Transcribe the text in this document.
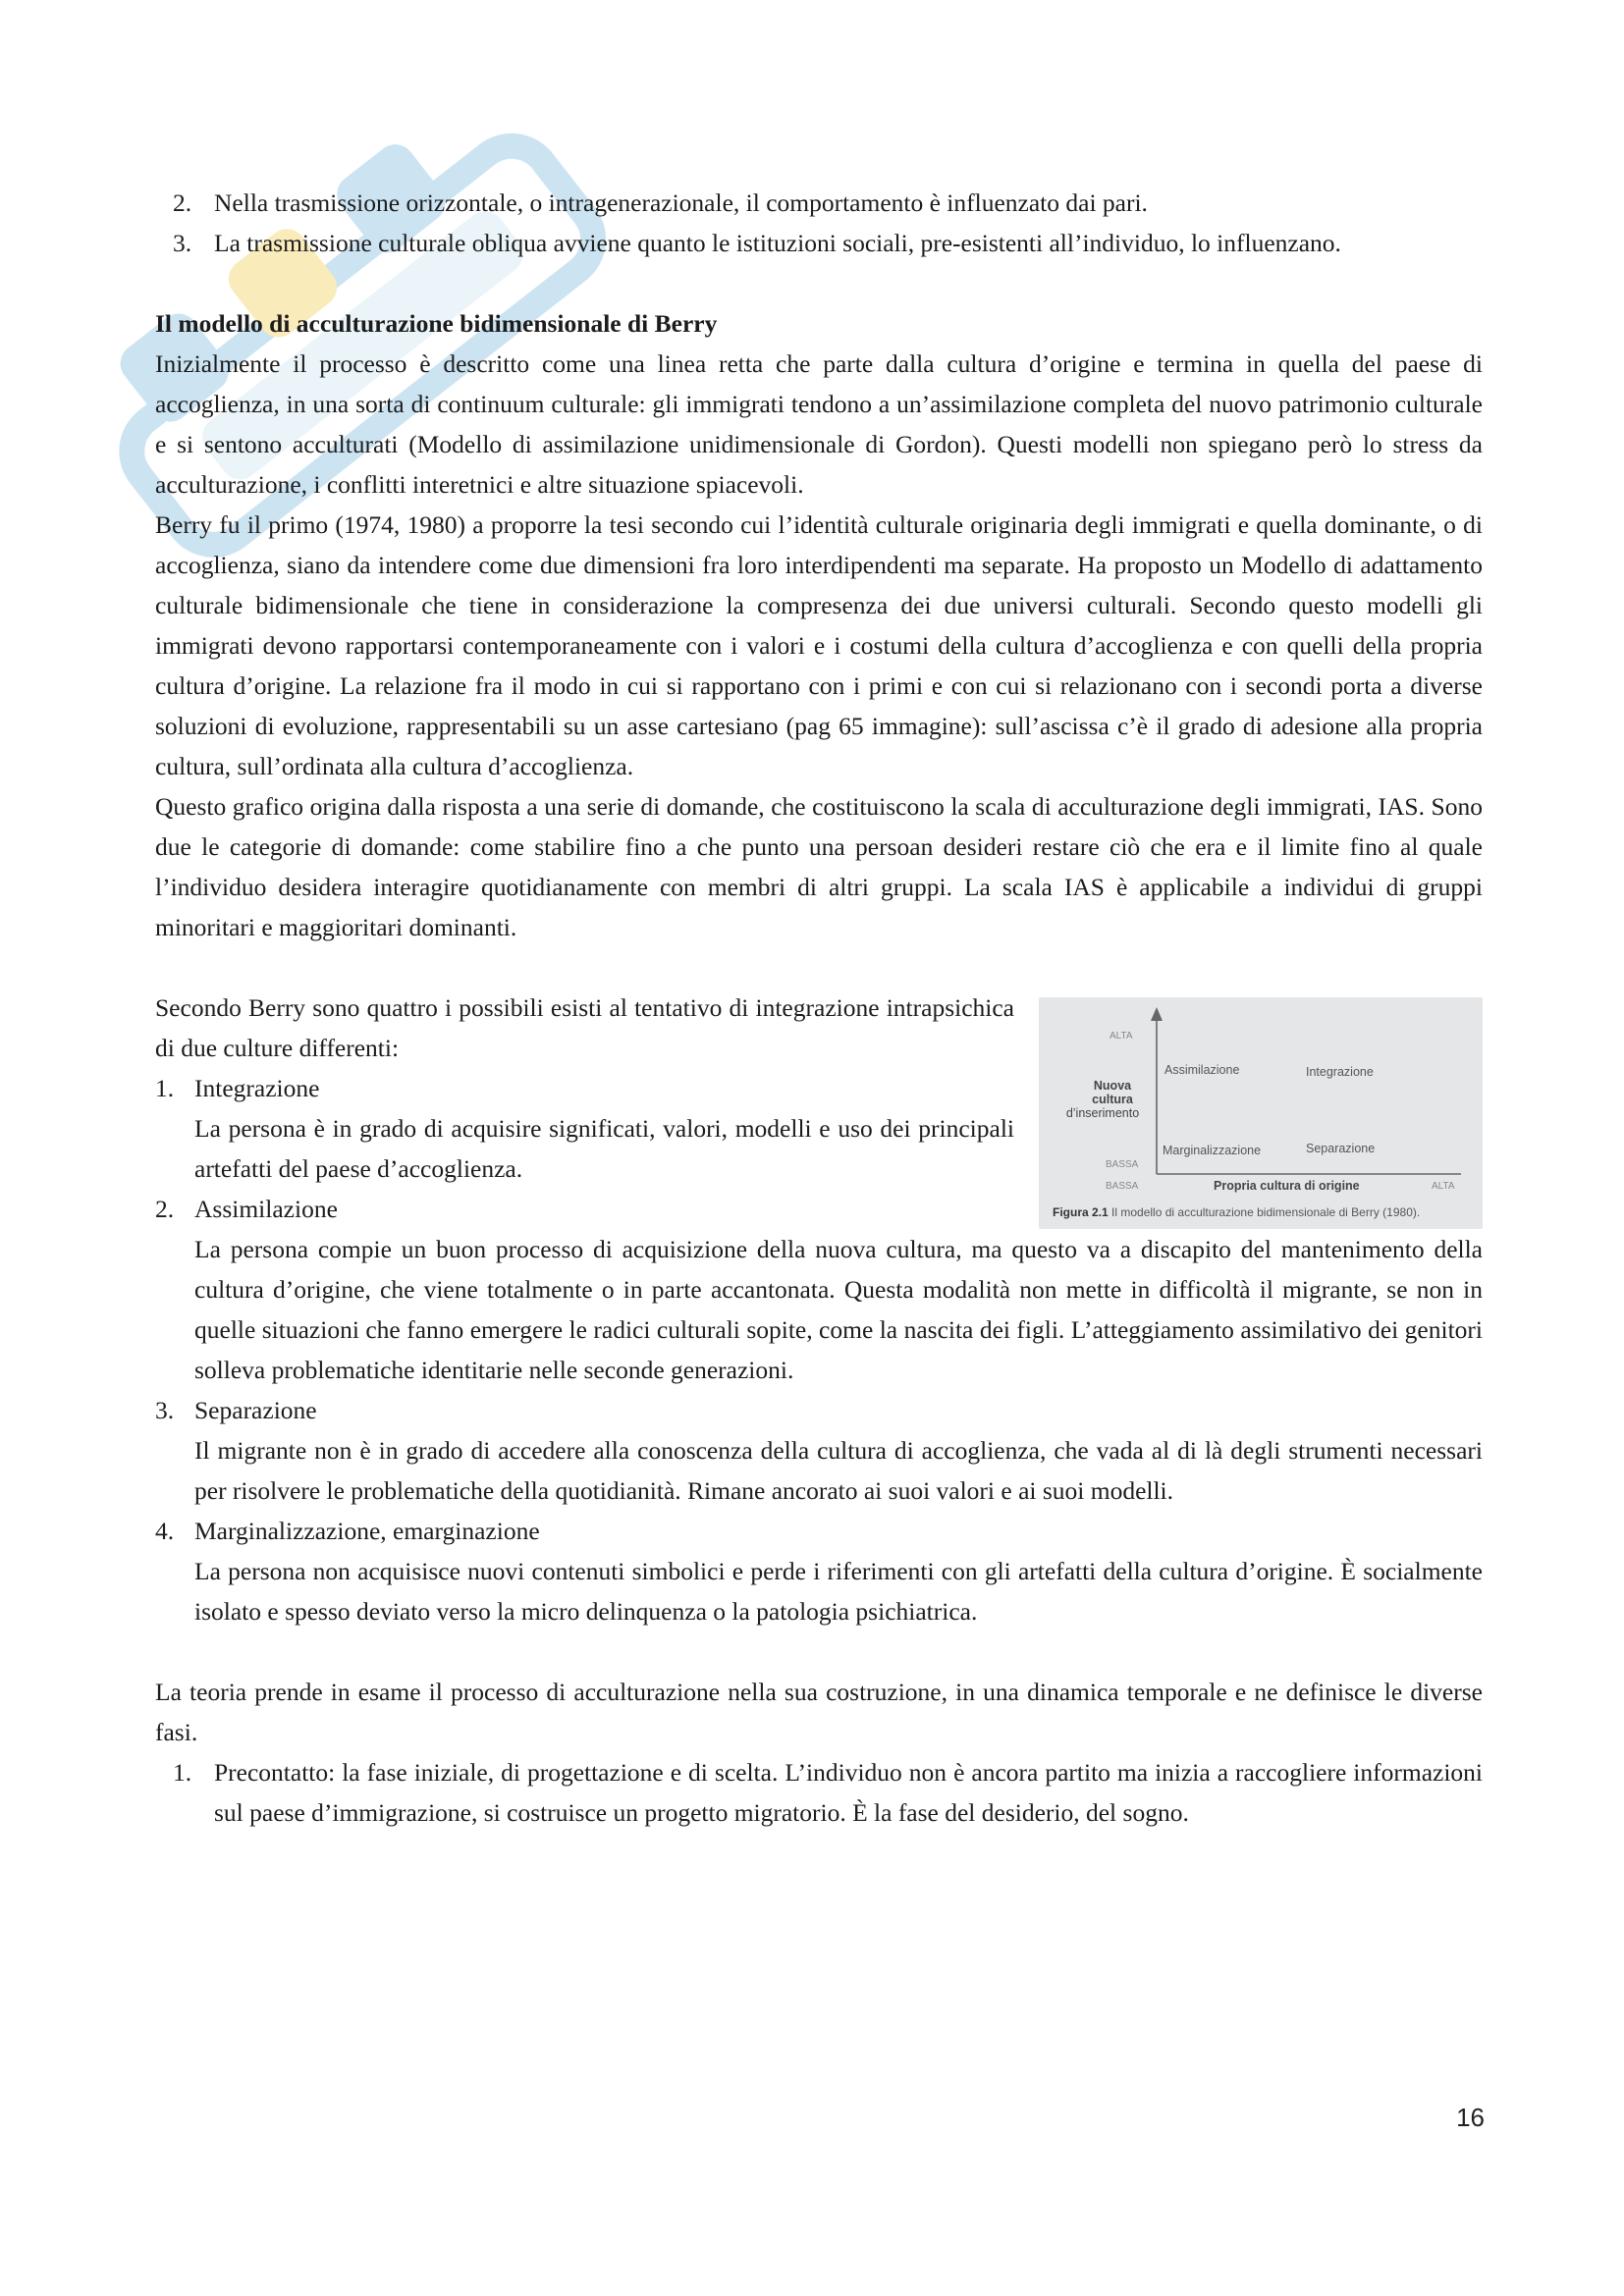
2. Nella trasmissione orizzontale, o intragenerazionale, il comportamento è influenzato dai pari.
3. La trasmissione culturale obliqua avviene quanto le istituzioni sociali, pre-esistenti all’individuo, lo influenzano.

Il modello di acculturazione bidimensionale di Berry

Inizialmente il processo è descritto come una linea retta che parte dalla cultura d’origine e termina in quella del paese di accoglienza, in una sorta di continuum culturale: gli immigrati tendono a un’assimilazione completa del nuovo patrimonio culturale e si sentono acculturati (Modello di assimilazione unidimensionale di Gordon). Questi modelli non spiegano però lo stress da acculturazione, i conflitti interetnici e altre situazione spiacevoli.

Berry fu il primo (1974, 1980) a proporre la tesi secondo cui l’identità culturale originaria degli immigrati e quella dominante, o di accoglienza, siano da intendere come due dimensioni fra loro interdipendenti ma separate. Ha proposto un Modello di adattamento culturale bidimensionale che tiene in considerazione la compresenza dei due universi culturali. Secondo questo modelli gli immigrati devono rapportarsi contemporaneamente con i valori e i costumi della cultura d’accoglienza e con quelli della propria cultura d’origine. La relazione fra il modo in cui si rapportano con i primi e con cui si relazionano con i secondi porta a diverse soluzioni di evoluzione, rappresentabili su un asse cartesiano (pag 65 immagine): sull’ascissa c’è il grado di adesione alla propria cultura, sull’ordinata alla cultura d’accoglienza.

Questo grafico origina dalla risposta a una serie di domande, che costituiscono la scala di acculturazione degli immigrati, IAS. Sono due le categorie di domande: come stabilire fino a che punto una persoan desideri restare ciò che era e il limite fino al quale l’individuo desidera interagire quotidianamente con membri di altri gruppi. La scala IAS è applicabile a individui di gruppi minoritari e maggioritari dominanti.

ALTA
BASSA
BASSA	ALTA
Nuova
cultura
d’inserimento
Propria cultura di origine
Assimilazione	Integrazione
Marginalizzazione	Separazione
Figura 2.1 Il modello di acculturazione bidimensionale di Berry (1980).

Secondo Berry sono quattro i possibili esisti al tentativo di integrazione intrapsichica di due culture differenti:

1. Integrazione
La persona è in grado di acquisire significati, valori, modelli e uso dei principali artefatti del paese d’accoglienza.
2. Assimilazione
La persona compie un buon processo di acquisizione della nuova cultura, ma questo va a discapito del mantenimento della cultura d’origine, che viene totalmente o in parte accantonata. Questa modalità non mette in difficoltà il migrante, se non in quelle situazioni che fanno emergere le radici culturali sopite, come la nascita dei figli. L’atteggiamento assimilativo dei genitori solleva problematiche identitarie nelle seconde generazioni.
3. Separazione
Il migrante non è in grado di accedere alla conoscenza della cultura di accoglienza, che vada al di là degli strumenti necessari per risolvere le problematiche della quotidianità. Rimane ancorato ai suoi valori e ai suoi modelli.
4. Marginalizzazione, emarginazione
La persona non acquisisce nuovi contenuti simbolici e perde i riferimenti con gli artefatti della cultura d’origine. È socialmente isolato e spesso deviato verso la micro delinquenza o la patologia psichiatrica.

La teoria prende in esame il processo di acculturazione nella sua costruzione, in una dinamica temporale e ne definisce le diverse fasi.

1. Precontatto: la fase iniziale, di progettazione e di scelta. L’individuo non è ancora partito ma inizia a raccogliere informazioni sul paese d’immigrazione, si costruisce un progetto migratorio. È la fase del desiderio, del sogno.
16
